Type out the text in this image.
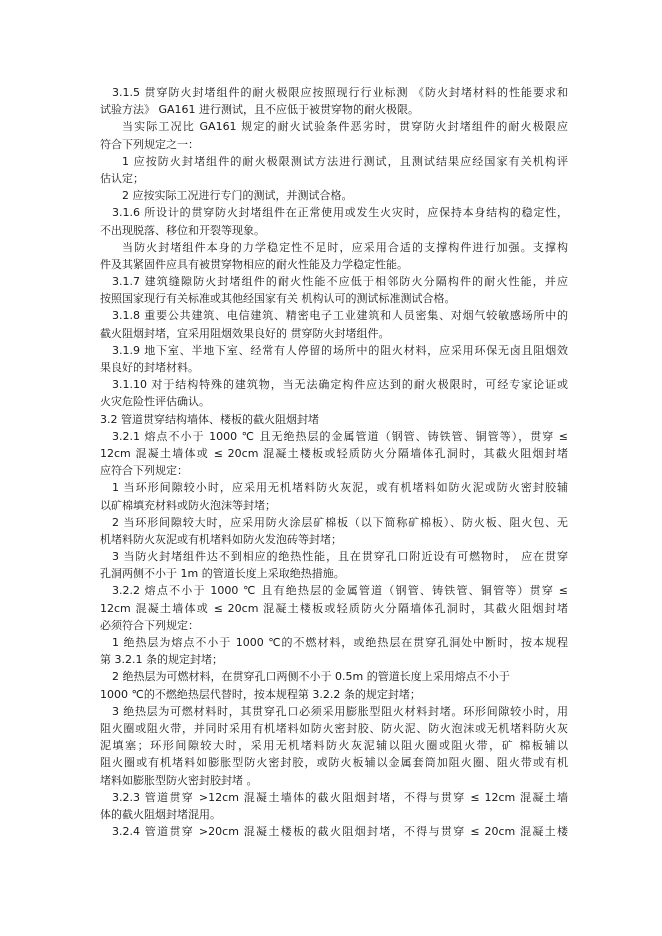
3.1.5 贯穿防火封堵组件的耐火极限应按照现行行业标测 《防火封堵材料的性能要求和
试验方法》 GA161 进行测试，且不应低于被贯穿物的耐火极限。
当实际工况比 GA161 规定的耐火试验条件恶劣时，贯穿防火封堵组件的耐火极限应
符合下列规定之一：
1 应按防火封堵组件的耐火极限测试方法进行测试，且测试结果应经国家有关机构评
估认定；
2 应按实际工况进行专门的测试，并测试合格。
3.1.6 所设计的贯穿防火封堵组件在正常使用或发生火灾时，应保持本身结构的稳定性，
不出现脱落、移位和开裂等现象。
当防火封堵组件本身的力学稳定性不足时，应采用合适的支撑构件进行加强。支撑构
件及其紧固件应具有被贯穿物相应的耐火性能及力学稳定性能。
3.1.7 建筑缝隙防火封堵组件的耐火性能不应低于相邻防火分隔构件的耐火性能，并应
按照国家现行有关标准或其他经国家有关 机构认可的测试标准测试合格。
3.1.8 重要公共建筑、电信建筑、精密电子工业建筑和人员密集、对烟气较敏感场所中的
截火阻烟封堵，宜采用阻烟效果良好的 贯穿防火封堵组件。
3.1.9 地下室、半地下室、经常有人停留的场所中的阻火材料，应采用环保无卤且阻烟效
果良好的封堵材料。
3.1.10 对于结构特殊的建筑物，当无法确定构件应达到的耐火极限时，可经专家论证或
火灾危险性评估确认。
3.2 管道贯穿结构墙体、楼板的截火阻烟封堵
3.2.1 熔点不小于 1000 ℃ 且无绝热层的金属管道（钢管、铸铁管、铜管等），贯穿 ≤
12cm 混凝土墙体或 ≤ 20cm 混凝土楼板或轻质防火分隔墙体孔洞时，其截火阻烟封堵
应符合下列规定：
1 当环形间隙较小时，应采用无机堵料防火灰泥，或有机堵料如防火泥或防火密封胶辅
以矿棉填充材料或防火泡沫等封堵；
2 当环形间隙较大时，应采用防火涂层矿棉板（以下简称矿棉板）、防火板、阻火包、无
机堵料防火灰泥或有机堵料如防火发泡砖等封堵；
3 当防火封堵组件达不到相应的绝热性能，且在贯穿孔口附近设有可燃物时， 应在贯穿
孔洞两侧不小于 1m 的管道长度上采取绝热措施。
3.2.2 熔点不小于 1000 ℃ 且有绝热层的金属管道（钢管、铸铁管、铜管等）贯穿 ≤
12cm 混凝土墙体或 ≤ 20cm 混凝土楼板或轻质防火分隔墙体孔洞时，其截火阻烟封堵
必须符合下列规定：
1 绝热层为熔点不小于 1000 ℃的不燃材料，或绝热层在贯穿孔洞处中断时，按本规程
第 3.2.1 条的规定封堵；
2 绝热层为可燃材料，在贯穿孔口两侧不小于 0.5m 的管道长度上采用熔点不小于
1000 ℃的不燃绝热层代替时，按本规程第 3.2.2 条的规定封堵；
3 绝热层为可燃材料时，其贯穿孔口必须采用膨胀型阻火材料封堵。环形间隙较小时，用
阻火圈或阻火带，并同时采用有机堵料如防火密封胶、防火泥、防火泡沫或无机堵料防火灰
泥填塞；环形间隙较大时，采用无机堵料防火灰泥辅以阻火圈或阻火带，矿 棉板辅以
阻火圈或有机堵料如膨胀型防火密封胶，或防火板辅以金属套筒加阻火圈、阻火带或有机
堵料如膨胀型防火密封胶封堵 。
3.2.3 管道贯穿 >12cm 混凝土墙体的截火阻烟封堵，不得与贯穿 ≤ 12cm 混凝土墙
体的截火阻烟封堵混用。
3.2.4 管道贯穿 >20cm 混凝土楼板的截火阻烟封堵，不得与贯穿 ≤ 20cm 混凝土楼
